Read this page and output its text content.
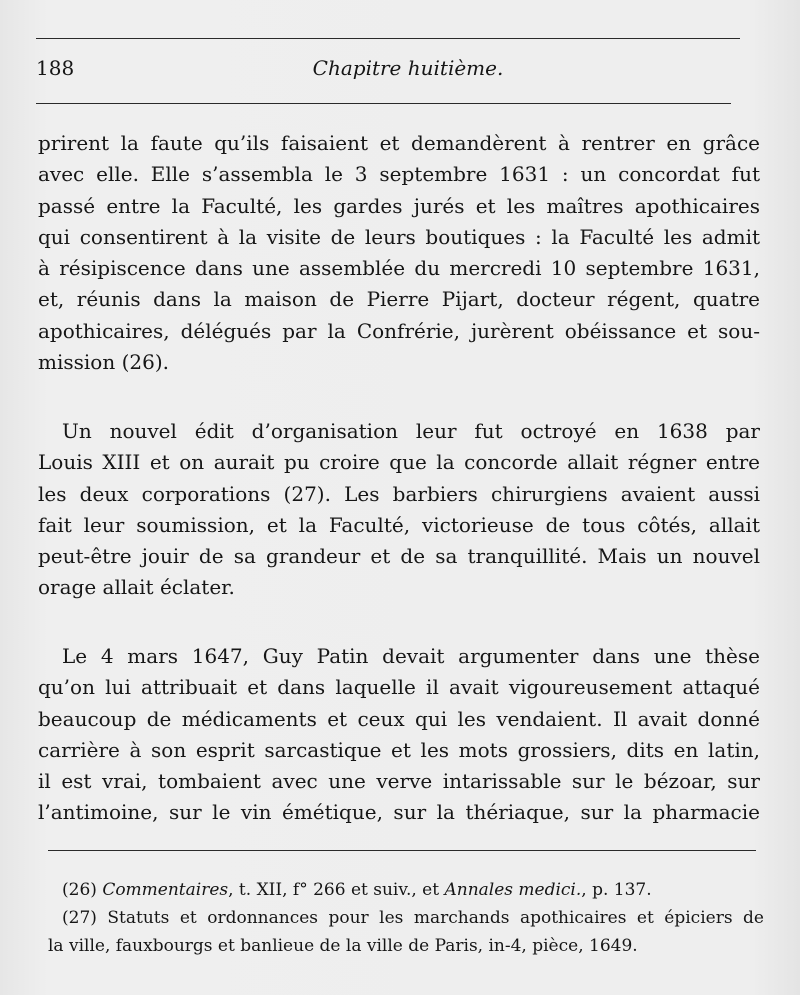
188	Chapitre huitième.
prirent la faute qu’ils faisaient et demandèrent à rentrer en grâce
avec elle. Elle s’assembla le 3 septembre 1631 : un concordat fut
passé entre la Faculté, les gardes jurés et les maîtres apothicaires
qui consentirent à la visite de leurs boutiques : la Faculté les admit
à résipiscence dans une assemblée du mercredi 10 septembre 1631,
et, réunis dans la maison de Pierre Pijart, docteur régent, quatre
apothicaires, délégués par la Confrérie, jurèrent obéissance et sou-
mission (26).
Un nouvel édit d’organisation leur fut octroyé en 1638 par
Louis XIII et on aurait pu croire que la concorde allait régner entre
les deux corporations (27). Les barbiers chirurgiens avaient aussi
fait leur soumission, et la Faculté, victorieuse de tous côtés, allait
peut-être jouir de sa grandeur et de sa tranquillité. Mais un nouvel
orage allait éclater.
Le 4 mars 1647, Guy Patin devait argumenter dans une thèse
qu’on lui attribuait et dans laquelle il avait vigoureusement attaqué
beaucoup de médicaments et ceux qui les vendaient. Il avait donné
carrière à son esprit sarcastique et les mots grossiers, dits en latin,
il est vrai, tombaient avec une verve intarissable sur le bézoar, sur
l’antimoine, sur le vin émétique, sur la thériaque, sur la pharmacie
(26) Commentaires, t. XII, f° 266 et suiv., et Annales medici., p. 137.
(27) Statuts et ordonnances pour les marchands apothicaires et épiciers de
la ville, fauxbourgs et banlieue de la ville de Paris, in-4, pièce, 1649.
